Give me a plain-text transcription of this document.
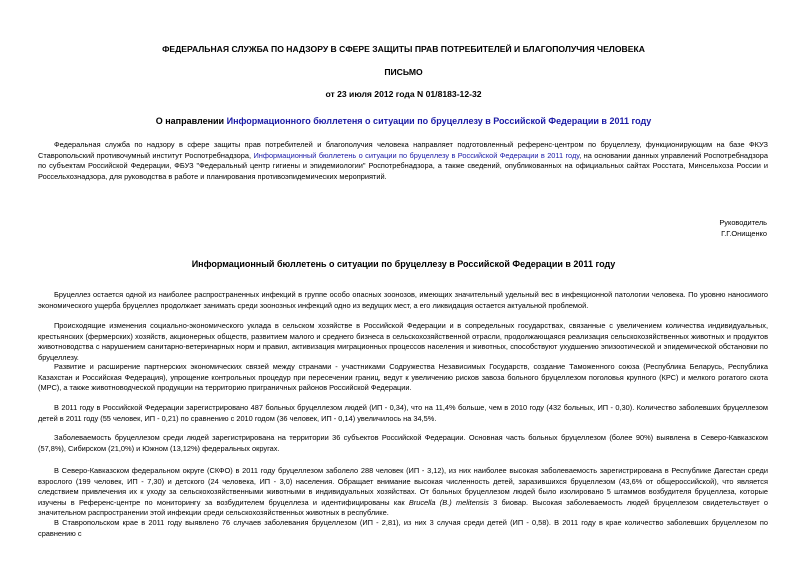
ФЕДЕРАЛЬНАЯ СЛУЖБА ПО НАДЗОРУ В СФЕРЕ ЗАЩИТЫ ПРАВ ПОТРЕБИТЕЛЕЙ И БЛАГОПОЛУЧИЯ ЧЕЛОВЕКА
ПИСЬМО
от 23 июля 2012 года N 01/8183-12-32
О направлении Информационного бюллетеня о ситуации по бруцеллезу в Российской Федерации в 2011 году

Федеральная служба по надзору в сфере защиты прав потребителей и благополучия человека направляет подготовленный референс-центром по бруцеллезу, функционирующим на базе ФКУЗ Ставропольский противочумный институт Роспотребнадзора, Информационный бюллетень о ситуации по бруцеллезу в Российской Федерации в 2011 году, на основании данных управлений Роспотребнадзора по субъектам Российской Федерации, ФБУЗ "Федеральный центр гигиены и эпидемиологии" Роспотребнадзора, а также сведений, опубликованных на официальных сайтах Росстата, Минсельхоза России и Россельхознадзора, для руководства в работе и планирования противоэпидемических мероприятий.

Руководитель
Г.Г.Онищенко
Информационный бюллетень о ситуации по бруцеллезу в Российской Федерации в 2011 году

Бруцеллез остается одной из наиболее распространенных инфекций в группе особо опасных зоонозов, имеющих значительный удельный вес в инфекционной патологии человека. По уровню наносимого экономического ущерба бруцеллез продолжает занимать среди зоонозных инфекций одно из ведущих мест, а его ликвидация остается актуальной проблемой.

Происходящие изменения социально-экономического уклада в сельском хозяйстве в Российской Федерации и в сопредельных государствах, связанные с увеличением количества индивидуальных, крестьянских (фермерских) хозяйств, акционерных обществ, развитием малого и среднего бизнеса в сельскохозяйственной отрасли, продолжающаяся реализация сельскохозяйственных животных и продуктов животноводства с нарушением санитарно-ветеринарных норм и правил, активизация миграционных процессов населения и животных, способствуют ухудшению эпизоотической и эпидемической обстановки по бруцеллезу.

Развитие и расширение партнерских экономических связей между странами - участниками Содружества Независимых Государств, создание Таможенного союза (Республика Беларусь, Республика Казахстан и Российская Федерация), упрощение контрольных процедур при пересечении границ, ведут к увеличению рисков завоза больного бруцеллезом поголовья крупного (КРС) и мелкого рогатого скота (МРС), а также животноводческой продукции на территорию приграничных районов Российской Федерации.

В 2011 году в Российской Федерации зарегистрировано 487 больных бруцеллезом людей (ИП - 0,34), что на 11,4% больше, чем в 2010 году (432 больных, ИП - 0,30). Количество заболевших бруцеллезом детей в 2011 году (55 человек, ИП - 0,21) по сравнению с 2010 годом (36 человек, ИП - 0,14) увеличилось на 34,5%.

Заболеваемость бруцеллезом среди людей зарегистрирована на территории 36 субъектов Российской Федерации. Основная часть больных бруцеллезом (более 90%) выявлена в Северо-Кавказском (57,8%), Сибирском (21,0%) и Южном (13,12%) федеральных округах.

В Северо-Кавказском федеральном округе (СКФО) в 2011 году бруцеллезом заболело 288 человек (ИП - 3,12), из них наиболее высокая заболеваемость зарегистрирована в Республике Дагестан среди взрослого (199 человек, ИП - 7,30) и детского (24 человека, ИП - 3,0) населения. Обращает внимание высокая численность детей, заразившихся бруцеллезом (43,6% от общероссийской), что является следствием привлечения их к уходу за сельскохозяйственными животными в индивидуальных хозяйствах. От больных бруцеллезом людей было изолировано 5 штаммов возбудителя бруцеллеза, которые изучены в Референс-центре по мониторингу за возбудителем бруцеллеза и идентифицированы как Brucella (B.) melitensis 3 биовар. Высокая заболеваемость людей бруцеллезом свидетельствует о значительном распространении этой инфекции среди сельскохозяйственных животных в республике.

В Ставропольском крае в 2011 году выявлено 76 случаев заболевания бруцеллезом (ИП - 2,81), из них 3 случая среди детей (ИП - 0,58). В 2011 году в крае количество заболевших бруцеллезом по сравнению с
